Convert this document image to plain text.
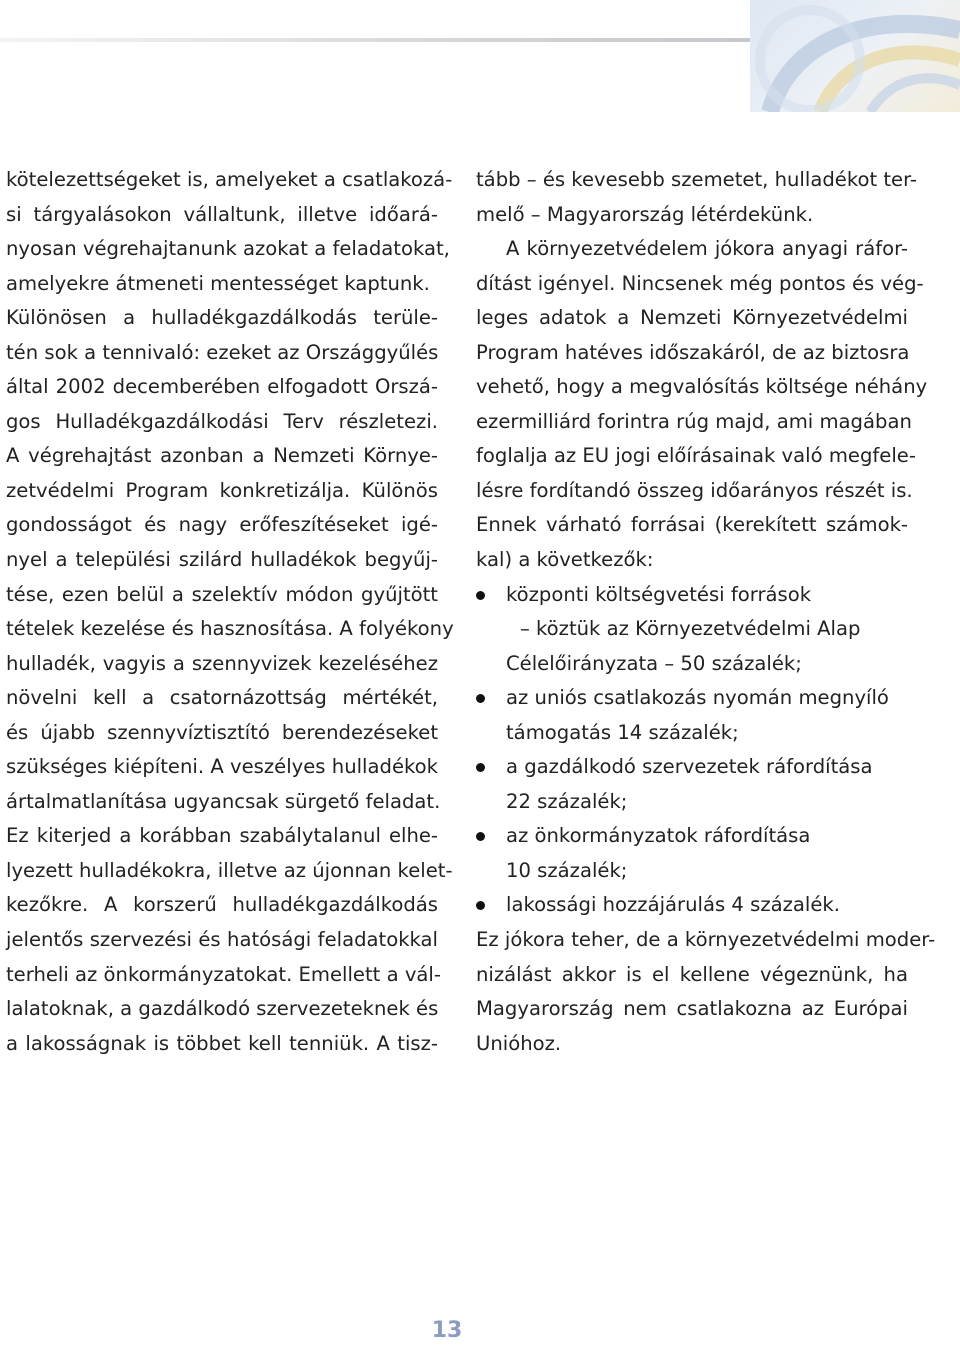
kötelezettségeket is, amelyeket a csatlakozá-
si tárgyalásokon vállaltunk, illetve időará-
nyosan végrehajtanunk azokat a feladatokat,
amelyekre átmeneti mentességet kaptunk.
Különösen a hulladékgazdálkodás terüle-
tén sok a tennivaló: ezeket az Országgyűlés
által 2002 decemberében elfogadott Orszá-
gos Hulladékgazdálkodási Terv részletezi.
A végrehajtást azonban a Nemzeti Környe-
zetvédelmi Program konkretizálja. Különös
gondosságot és nagy erőfeszítéseket igé-
nyel a települési szilárd hulladékok begyűj-
tése, ezen belül a szelektív módon gyűjtött
tételek kezelése és hasznosítása. A folyékony
hulladék, vagyis a szennyvizek kezeléséhez
növelni kell a csatornázottság mértékét,
és újabb szennyvíztisztító berendezéseket
szükséges kiépíteni. A veszélyes hulladékok
ártalmatlanítása ugyancsak sürgető feladat.
Ez kiterjed a korábban szabálytalanul elhe-
lyezett hulladékokra, illetve az újonnan kelet-
kezőkre. A korszerű hulladékgazdálkodás
jelentős szervezési és hatósági feladatokkal
terheli az önkormányzatokat. Emellett a vál-
lalatoknak, a gazdálkodó szervezeteknek és
a lakosságnak is többet kell tenniük. A tisz-
tább – és kevesebb szemetet, hulladékot ter-
melő – Magyarország létérdekünk.
A környezetvédelem jókora anyagi ráfor-
dítást igényel. Nincsenek még pontos és vég-
leges adatok a Nemzeti Környezetvédelmi
Program hatéves időszakáról, de az biztosra
vehető, hogy a megvalósítás költsége néhány
ezermilliárd forintra rúg majd, ami magában
foglalja az EU jogi előírásainak való megfele-
lésre fordítandó összeg időarányos részét is.
Ennek várható forrásai (kerekített számok-
kal) a következők:
központi költségvetési források
– köztük az Környezetvédelmi Alap
Célelőirányzata – 50 százalék;
az uniós csatlakozás nyomán megnyíló
támogatás 14 százalék;
a gazdálkodó szervezetek ráfordítása
22 százalék;
az önkormányzatok ráfordítása
10 százalék;
lakossági hozzájárulás 4 százalék.
Ez jókora teher, de a környezetvédelmi moder-
nizálást akkor is el kellene végeznünk, ha
Magyarország nem csatlakozna az Európai
Unióhoz.
13
